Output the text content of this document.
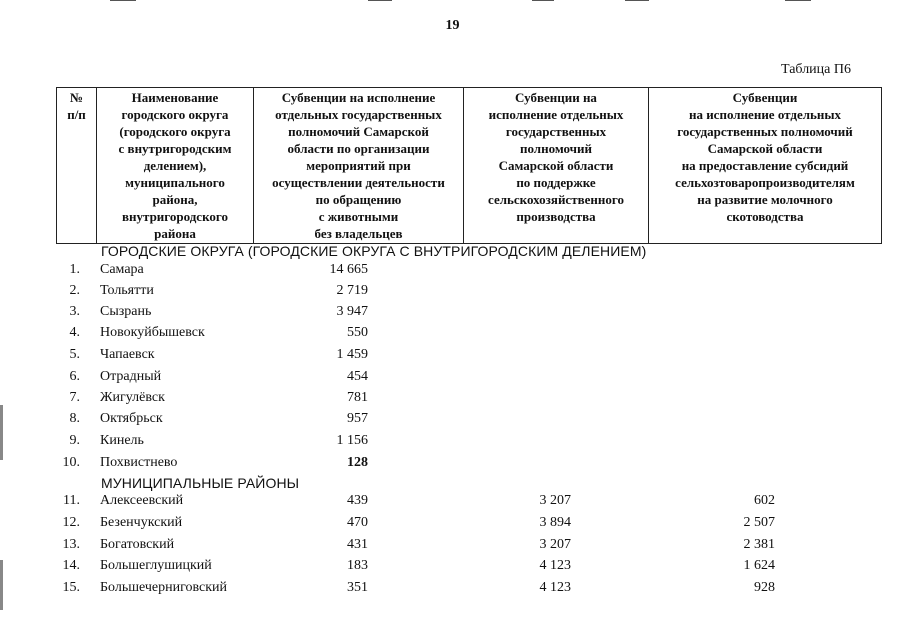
19
Таблица П6
№
п/п	Наименование
городского округа
(городского округа
с внутригородским
делением),
муниципального
района,
внутригородского
района	Субвенции на исполнение
отдельных государственных
полномочий Самарской
области по организации
мероприятий при
осуществлении деятельности
по обращению
с животными
без владельцев	Субвенции на
исполнение отдельных
государственных
полномочий
Самарской области
по поддержке
сельскохозяйственного
производства	Субвенции
на исполнение отдельных
государственных полномочий
Самарской области
на предоставление субсидий
сельхозтоваропроизводителям
на развитие молочного
скотоводства
ГОРОДСКИЕ ОКРУГА (ГОРОДСКИЕ ОКРУГА С ВНУТРИГОРОДСКИМ ДЕЛЕНИЕМ)
1. Самара	14 665
2. Тольятти	2 719
3. Сызрань	3 947
4. Новокуйбышевск	550
5. Чапаевск	1 459
6. Отрадный	454
7. Жигулёвск	781
8. Октябрьск	957
9. Кинель	1 156
10. Похвистнево	128
МУНИЦИПАЛЬНЫЕ РАЙОНЫ
11. Алексеевский	439	3 207	602
12. Безенчукский	470	3 894	2 507
13. Богатовский	431	3 207	2 381
14. Большеглушицкий	183	4 123	1 624
15. Большечерниговский	351	4 123	928
